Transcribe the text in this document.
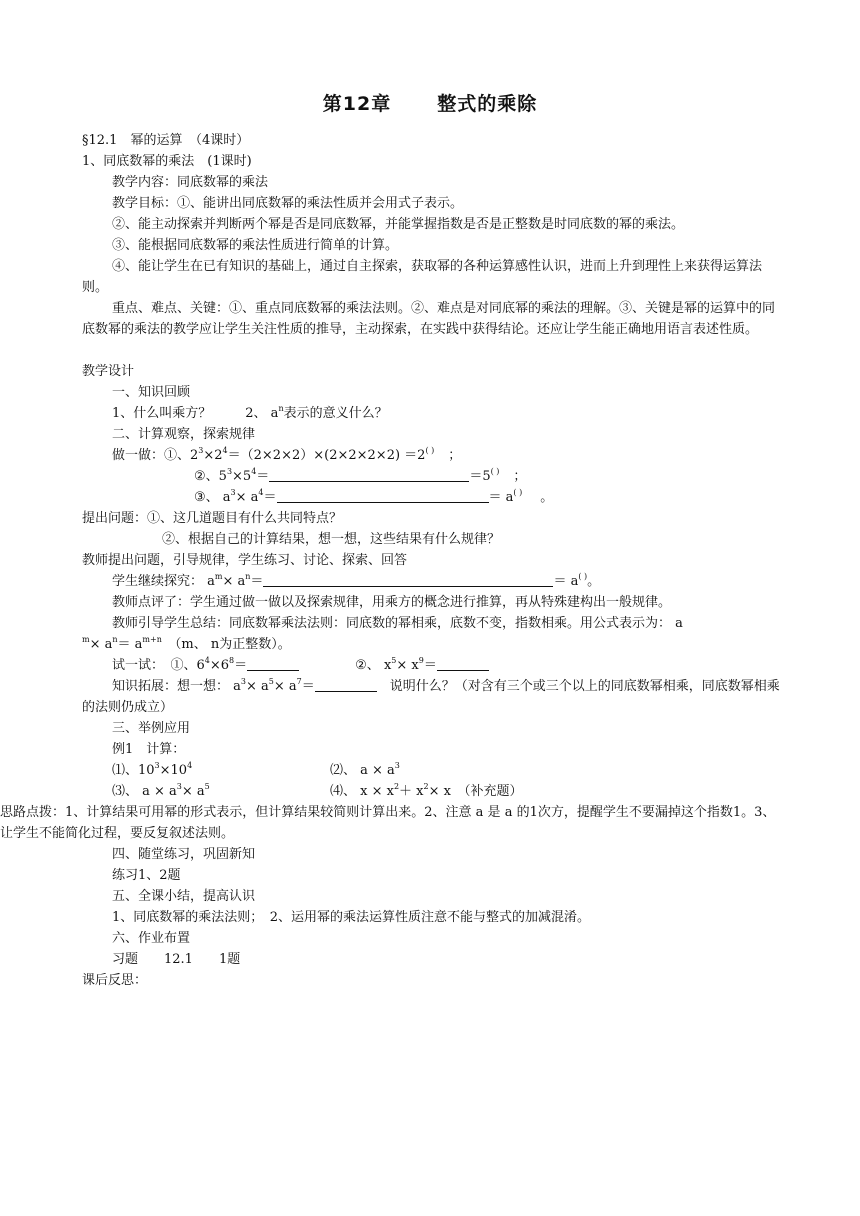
第12章 整式的乘除
§12.1　幂的运算　（4课时）
1、同底数幂的乘法　(1课时)
教学内容：同底数幂的乘法
教学目标：①、能讲出同底数幂的乘法性质并会用式子表示。
②、能主动探索并判断两个幂是否是同底数幂，并能掌握指数是否是正整数是时同底数的幂的乘法。
③、能根据同底数幂的乘法性质进行简单的计算。
④、能让学生在已有知识的基础上，通过自主探索，获取幂的各种运算感性认识，进而上升到理性上来获得运算法则。
重点、难点、关键：①、重点同底数幂的乘法法则。②、难点是对同底幂的乘法的理解。③、关键是幂的运算中的同底数幂的乘法的教学应让学生关注性质的推导，主动探索，在实践中获得结论。还应让学生能正确地用语言表述性质。
教学设计
一、知识回顾
1、什么叫乘方？	2、 $a^n$表示的意义什么？
二、计算观察，探索规律
做一做：①、$2^3\times 2^4=(2\times 2\times 2)\times(2\times 2\times 2\times 2) =2^{( )}$ ；
②、$5^3\times 5^4=$	＝5( ) ；
③、 $a^3\times a^4=$	＝ a( ) 。
提出问题：①、这几道题目有什么共同特点？
②、根据自己的计算结果，想一想，这些结果有什么规律？
教师提出问题，引导规律，学生练习、讨论、探索、回答
学生继续探究： $a^m\times a^n=$	＝ a( )。
教师点评了：学生通过做一做以及探索规律，用乘方的概念进行推算，再从特殊建构出一般规律。
教师引导学生总结：同底数幂乘法法则：同底数的幂相乘，底数不变，指数相乘。用公式表示为： a
$^m\times a^n= a^{m+n}$　（m、 n为正整数）。
试一试：　①、$6^4\times 6^8=$	②、 $x^5\times x^9=$
知识拓展：想一想： $a^3\times a^5\times a^7=$	　说明什么？（对含有三个或三个以上的同底数幂相乘，同底数幂相乘的法则仍成立）
三、举例应用
例1　计算：
⑴、$10^3\times 10^4$	⑵、 $a \times a^3$
⑶、 $a \times a^3\times a^5$	⑷、 $x \times x^2+ x^2\times x$　（补充题）
思路点拨：1、计算结果可用幂的形式表示，但计算结果较简则计算出来。2、注意 a 是 a 的1次方，提醒学生不要漏掉这个指数1。3、让学生不能简化过程，要反复叙述法则。
四、随堂练习，巩固新知
练习1、2题
五、全课小结，提高认识
1、同底数幂的乘法法则；　2、运用幂的乘法运算性质注意不能与整式的加减混淆。
六、作业布置
习题　　12.1　　1题
课后反思：
